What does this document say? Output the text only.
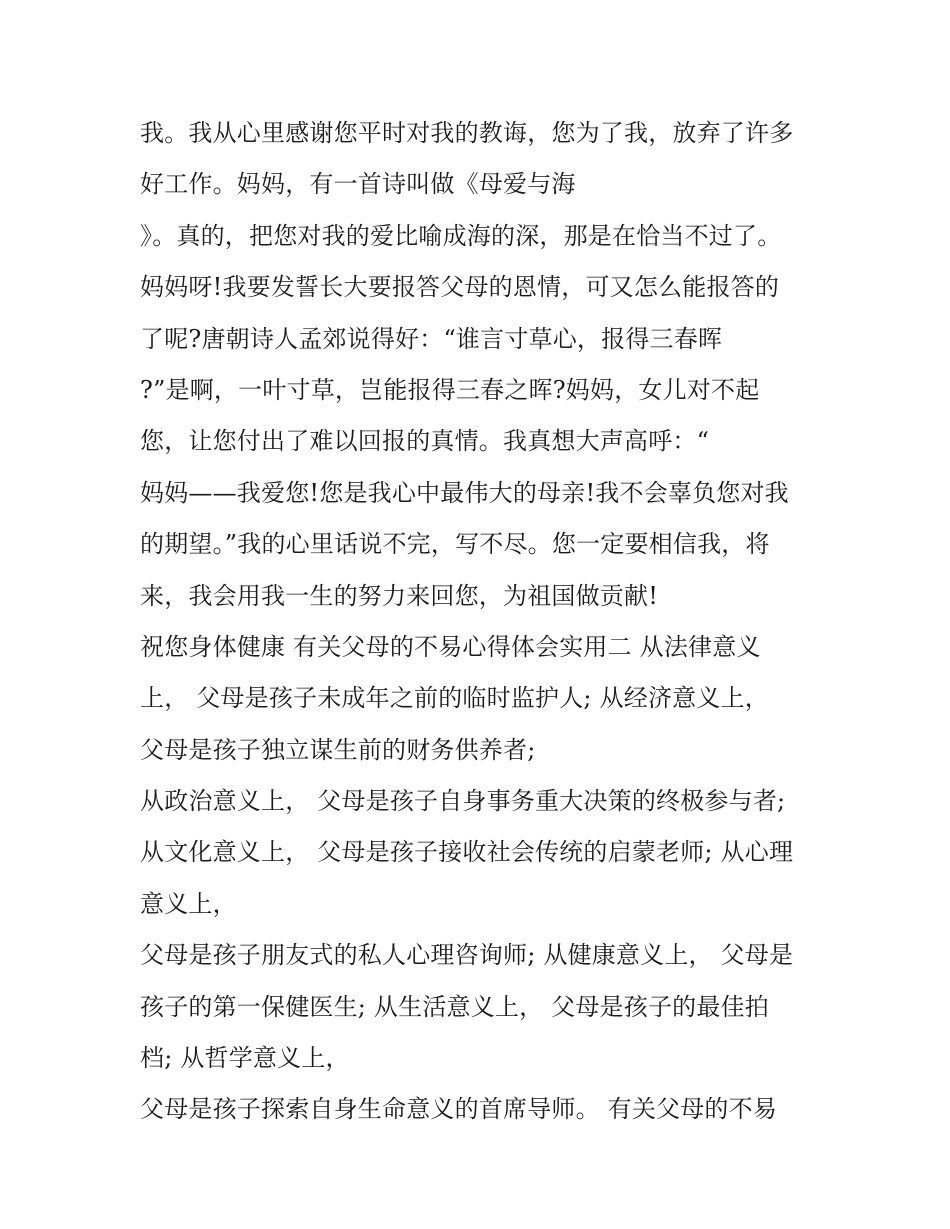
我。我从心里感谢您平时对我的教诲，您为了我，放弃了许多
好工作。妈妈，有一首诗叫做《母爱与海
》。真的，把您对我的爱比喻成海的深，那是在恰当不过了。
妈妈呀!我要发誓长大要报答父母的恩情，可又怎么能报答的
了呢?唐朝诗人孟郊说得好：“谁言寸草心，报得三春晖
?”是啊，一叶寸草，岂能报得三春之晖?妈妈，女儿对不起
您，让您付出了难以回报的真情。我真想大声高呼：“
妈妈——我爱您!您是我心中最伟大的母亲!我不会辜负您对我
的期望。”我的心里话说不完，写不尽。您一定要相信我，将
来，我会用我一生的努力来回您，为祖国做贡献!
祝您身体健康 有关父母的不易心得体会实用二 从法律意义
上， 父母是孩子未成年之前的临时监护人; 从经济意义上，
父母是孩子独立谋生前的财务供养者;
从政治意义上， 父母是孩子自身事务重大决策的终极参与者;
从文化意义上， 父母是孩子接收社会传统的启蒙老师; 从心理
意义上，
父母是孩子朋友式的私人心理咨询师; 从健康意义上， 父母是
孩子的第一保健医生; 从生活意义上， 父母是孩子的最佳拍
档; 从哲学意义上，
父母是孩子探索自身生命意义的首席导师。 有关父母的不易
